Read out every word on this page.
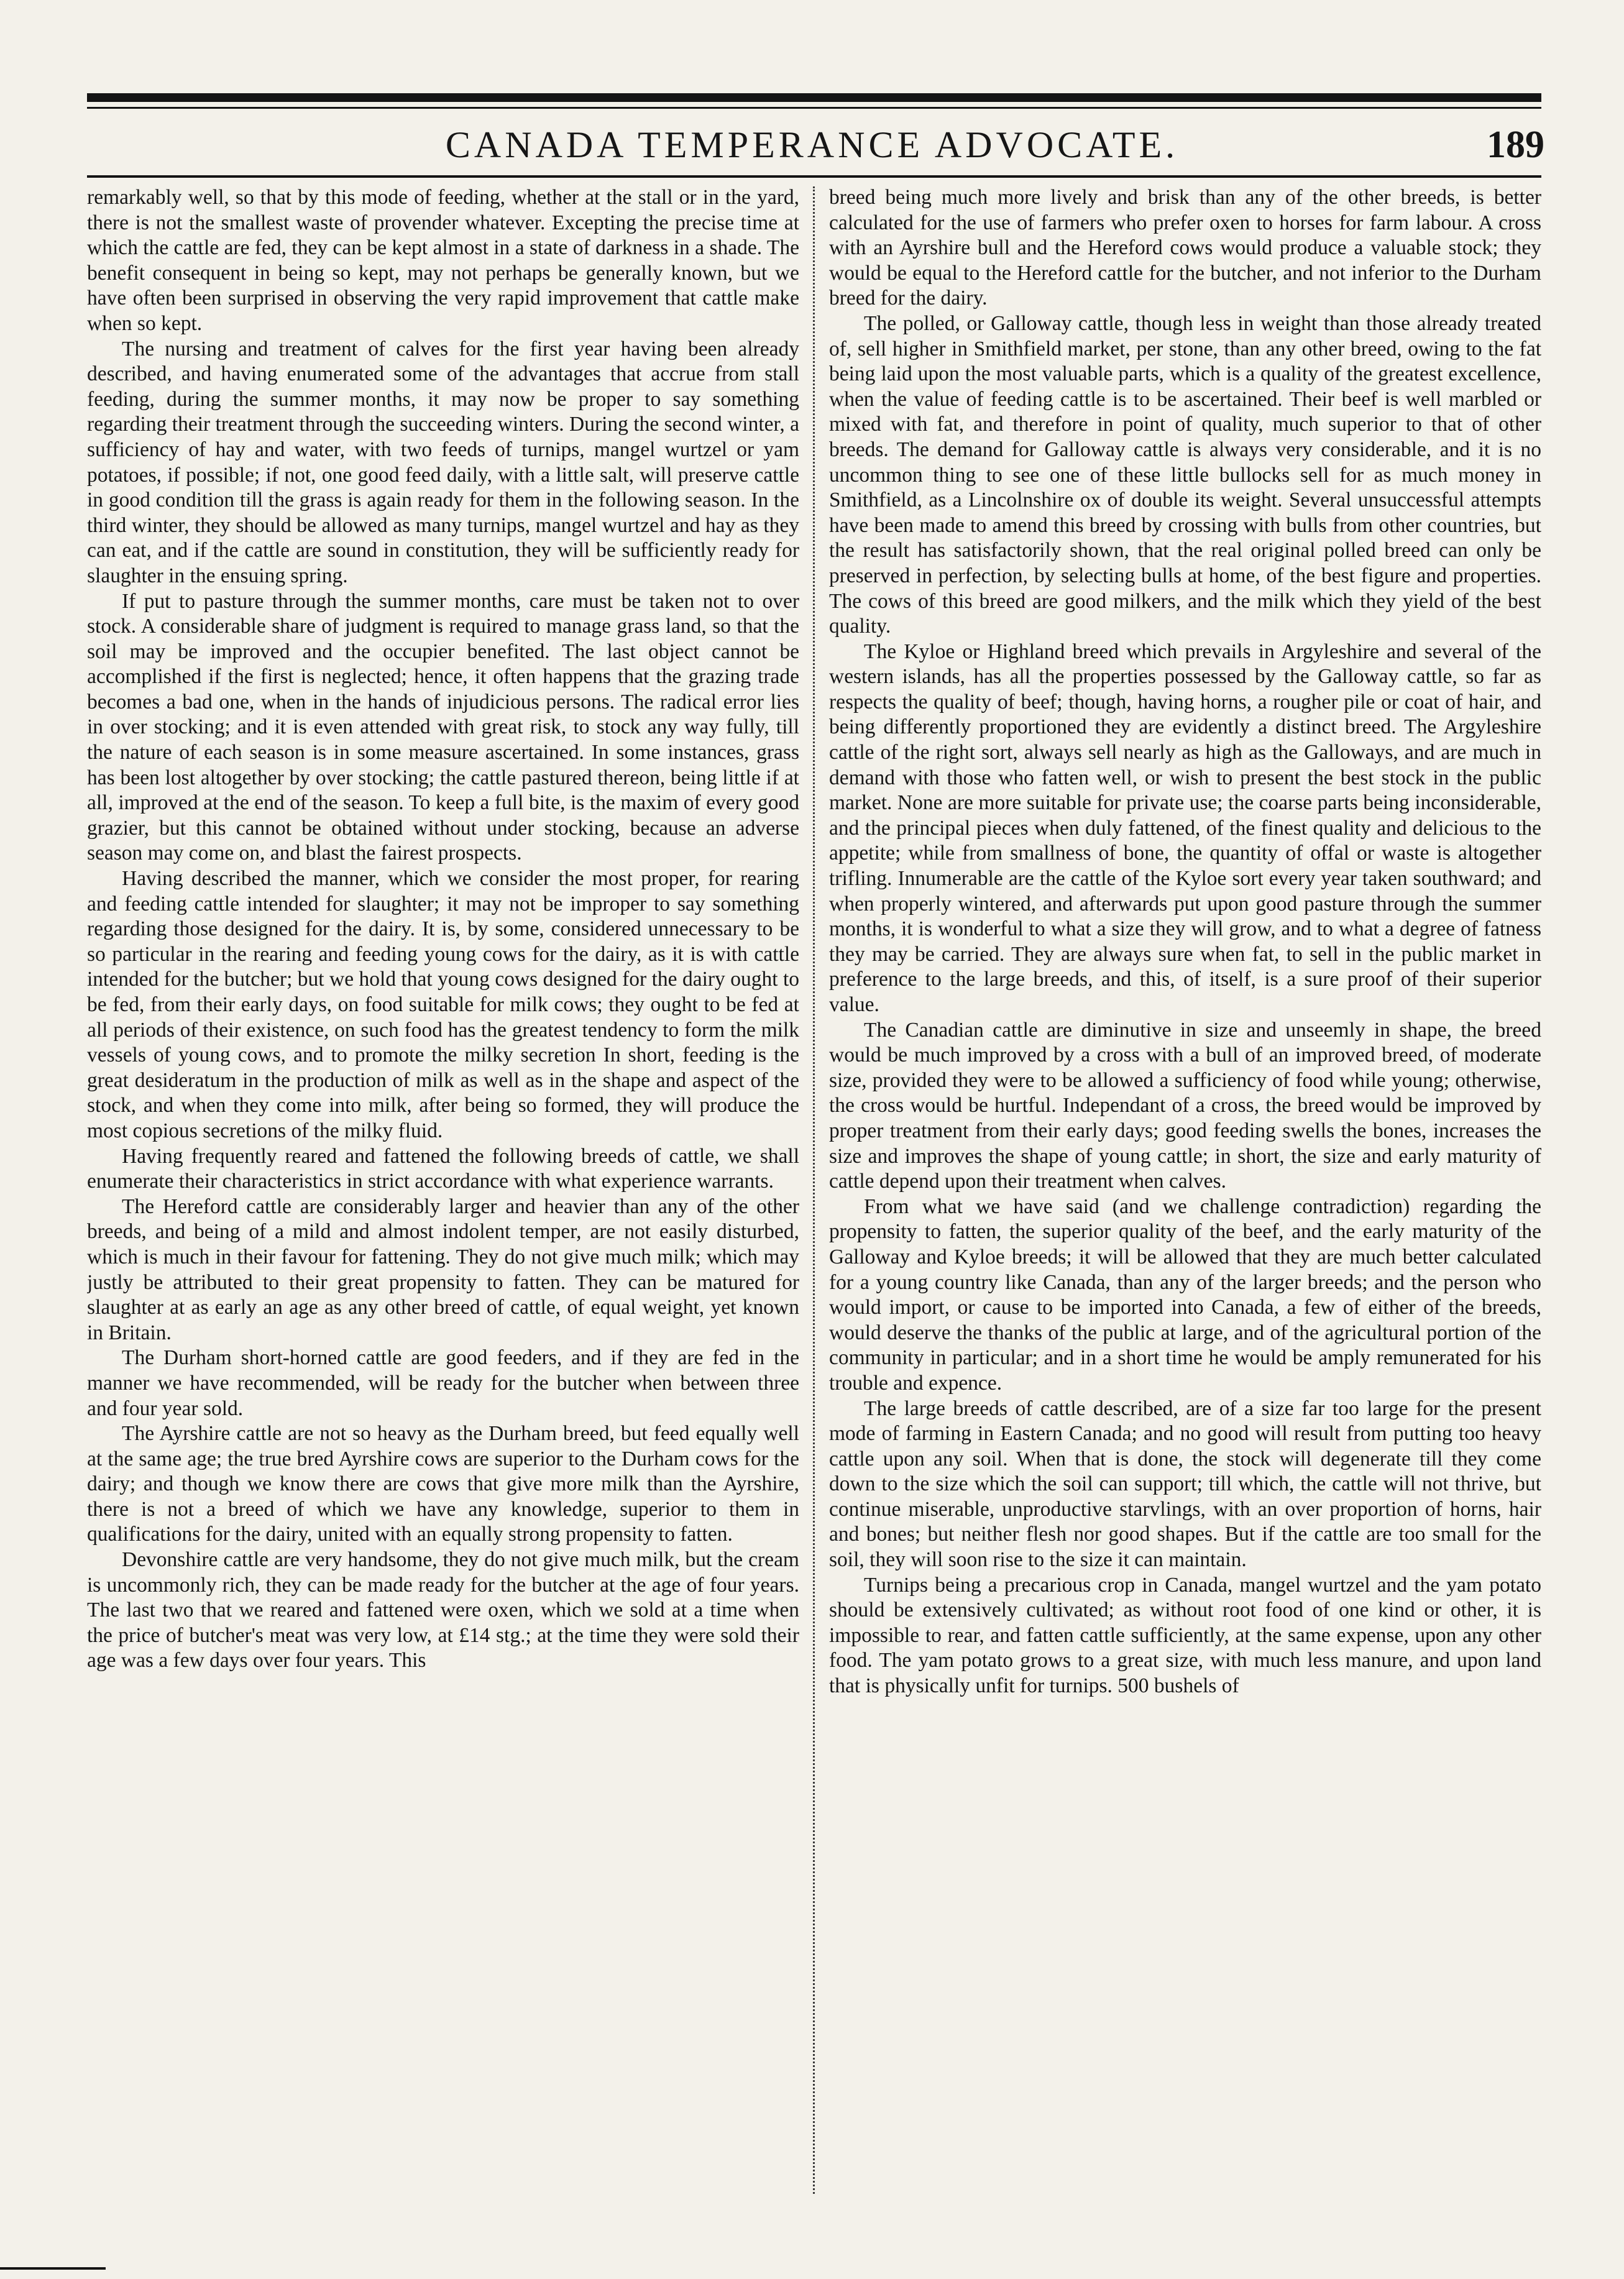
CANADA TEMPERANCE ADVOCATE.	189

remarkably well, so that by this mode of feeding, whether at the stall or in the yard, there is not the smallest waste of provender whatever. Excepting the precise time at which the cattle are fed, they can be kept almost in a state of darkness in a shade. The benefit consequent in being so kept, may not perhaps be generally known, but we have often been surprised in observing the very rapid improvement that cattle make when so kept.

The nursing and treatment of calves for the first year having been already described, and having enumerated some of the advantages that accrue from stall feeding, during the summer months, it may now be proper to say something regarding their treatment through the succeeding winters. During the second winter, a sufficiency of hay and water, with two feeds of turnips, mangel wurtzel or yam potatoes, if possible; if not, one good feed daily, with a little salt, will preserve cattle in good condition till the grass is again ready for them in the following season. In the third winter, they should be allowed as many turnips, mangel wurtzel and hay as they can eat, and if the cattle are sound in constitution, they will be sufficiently ready for slaughter in the ensuing spring.

If put to pasture through the summer months, care must be taken not to over stock. A considerable share of judgment is required to manage grass land, so that the soil may be improved and the occupier benefited. The last object cannot be accomplished if the first is neglected; hence, it often happens that the grazing trade becomes a bad one, when in the hands of injudicious persons. The radical error lies in over stocking; and it is even attended with great risk, to stock any way fully, till the nature of each season is in some measure ascertained. In some instances, grass has been lost altogether by over stocking; the cattle pastured thereon, being little if at all, improved at the end of the season. To keep a full bite, is the maxim of every good grazier, but this cannot be obtained without under stocking, because an adverse season may come on, and blast the fairest prospects.

Having described the manner, which we consider the most proper, for rearing and feeding cattle intended for slaughter; it may not be improper to say something regarding those designed for the dairy. It is, by some, considered unnecessary to be so particular in the rearing and feeding young cows for the dairy, as it is with cattle intended for the butcher; but we hold that young cows designed for the dairy ought to be fed, from their early days, on food suitable for milk cows; they ought to be fed at all periods of their existence, on such food has the greatest tendency to form the milk vessels of young cows, and to promote the milky secretion In short, feeding is the great desideratum in the production of milk as well as in the shape and aspect of the stock, and when they come into milk, after being so formed, they will produce the most copious secretions of the milky fluid.

Having frequently reared and fattened the following breeds of cattle, we shall enumerate their characteristics in strict accordance with what experience warrants.

The Hereford cattle are considerably larger and heavier than any of the other breeds, and being of a mild and almost indolent temper, are not easily disturbed, which is much in their favour for fattening. They do not give much milk; which may justly be attributed to their great propensity to fatten. They can be matured for slaughter at as early an age as any other breed of cattle, of equal weight, yet known in Britain.

The Durham short-horned cattle are good feeders, and if they are fed in the manner we have recommended, will be ready for the butcher when between three and four year sold.

The Ayrshire cattle are not so heavy as the Durham breed, but feed equally well at the same age; the true bred Ayrshire cows are superior to the Durham cows for the dairy; and though we know there are cows that give more milk than the Ayrshire, there is not a breed of which we have any knowledge, superior to them in qualifications for the dairy, united with an equally strong propensity to fatten.

Devonshire cattle are very handsome, they do not give much milk, but the cream is uncommonly rich, they can be made ready for the butcher at the age of four years. The last two that we reared and fattened were oxen, which we sold at a time when the price of butcher's meat was very low, at £14 stg.; at the time they were sold their age was a few days over four years. This

breed being much more lively and brisk than any of the other breeds, is better calculated for the use of farmers who prefer oxen to horses for farm labour. A cross with an Ayrshire bull and the Hereford cows would produce a valuable stock; they would be equal to the Hereford cattle for the butcher, and not inferior to the Durham breed for the dairy.

The polled, or Galloway cattle, though less in weight than those already treated of, sell higher in Smithfield market, per stone, than any other breed, owing to the fat being laid upon the most valuable parts, which is a quality of the greatest excellence, when the value of feeding cattle is to be ascertained. Their beef is well marbled or mixed with fat, and therefore in point of quality, much superior to that of other breeds. The demand for Galloway cattle is always very considerable, and it is no uncommon thing to see one of these little bullocks sell for as much money in Smithfield, as a Lincolnshire ox of double its weight. Several unsuccessful attempts have been made to amend this breed by crossing with bulls from other countries, but the result has satisfactorily shown, that the real original polled breed can only be preserved in perfection, by selecting bulls at home, of the best figure and properties. The cows of this breed are good milkers, and the milk which they yield of the best quality.

The Kyloe or Highland breed which prevails in Argyleshire and several of the western islands, has all the properties possessed by the Galloway cattle, so far as respects the quality of beef; though, having horns, a rougher pile or coat of hair, and being differently proportioned they are evidently a distinct breed. The Argyleshire cattle of the right sort, always sell nearly as high as the Galloways, and are much in demand with those who fatten well, or wish to present the best stock in the public market. None are more suitable for private use; the coarse parts being inconsiderable, and the principal pieces when duly fattened, of the finest quality and delicious to the appetite; while from smallness of bone, the quantity of offal or waste is altogether trifling. Innumerable are the cattle of the Kyloe sort every year taken southward; and when properly wintered, and afterwards put upon good pasture through the summer months, it is wonderful to what a size they will grow, and to what a degree of fatness they may be carried. They are always sure when fat, to sell in the public market in preference to the large breeds, and this, of itself, is a sure proof of their superior value.

The Canadian cattle are diminutive in size and unseemly in shape, the breed would be much improved by a cross with a bull of an improved breed, of moderate size, provided they were to be allowed a sufficiency of food while young; otherwise, the cross would be hurtful. Independant of a cross, the breed would be improved by proper treatment from their early days; good feeding swells the bones, increases the size and improves the shape of young cattle; in short, the size and early maturity of cattle depend upon their treatment when calves.

From what we have said (and we challenge contradiction) regarding the propensity to fatten, the superior quality of the beef, and the early maturity of the Galloway and Kyloe breeds; it will be allowed that they are much better calculated for a young country like Canada, than any of the larger breeds; and the person who would import, or cause to be imported into Canada, a few of either of the breeds, would deserve the thanks of the public at large, and of the agricultural portion of the community in particular; and in a short time he would be amply remunerated for his trouble and expence.

The large breeds of cattle described, are of a size far too large for the present mode of farming in Eastern Canada; and no good will result from putting too heavy cattle upon any soil. When that is done, the stock will degenerate till they come down to the size which the soil can support; till which, the cattle will not thrive, but continue miserable, unproductive starvlings, with an over proportion of horns, hair and bones; but neither flesh nor good shapes. But if the cattle are too small for the soil, they will soon rise to the size it can maintain.

Turnips being a precarious crop in Canada, mangel wurtzel and the yam potato should be extensively cultivated; as without root food of one kind or other, it is impossible to rear, and fatten cattle sufficiently, at the same expense, upon any other food. The yam potato grows to a great size, with much less manure, and upon land that is physically unfit for turnips. 500 bushels of
